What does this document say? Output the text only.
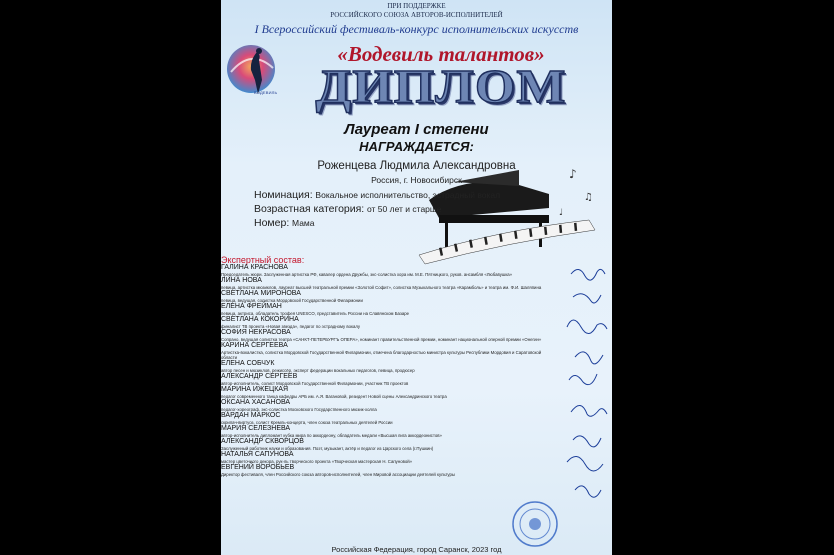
ПРИ ПОДДЕРЖКЕ
РОССИЙСКОГО СОЮЗА АВТОРОВ-ИСПОЛНИТЕЛЕЙ
I Всероссийский фестиваль-конкурс исполнительских искусств
ВОДЕВИЛЬ
«Водевиль талантов»
ДИПЛОМ
♪
♫
♩
Лауреат I степени
НАГРАЖДАЕТСЯ:
Роженцева Людмила Александровна
Россия, г. Новосибирск
Номинация: Вокальное исполнительство, эстрадный вокал
Возрастная категория: от 50 лет и старше
Номер: Мама
Экспертный состав:
ГАЛИНА КРАСНОВА
Председатель жюри. Заслуженная артистка РФ, кавалер ордена Дружбы, экс-солистка хора им. М.Е. Пятницкого, руков. ансамбля «Любавушка»
ЛИНА НОВА
певица, артистка мюзиклов, лауреат высшей театральной премии «Золотой Софит», солистка Музыкального театра «Карамболь» и театра им. Ф.И. Шаляпина
СВЕТЛАНА МИРОНОВА
певица, ведущая, солистка Мордовской Государственной Филармонии
ЕЛЕНА ФРЕЙМАН
певица, актриса, обладатель трофея UNESCO, представитель России на Славянском Базаре
СВЕТЛАНА КОКОРИНА
финалист ТВ проекта «Новая звезда», педагог по эстрадному вокалу
СОФИЯ НЕКРАСОВА
Сопрано, ведущая солистка театра «САНКТ-ПЕТЕРБУРГЪ ОПЕРА», номинант правительственной премии, номинант национальной оперной премии «Онегин»
КАРИНА СЕРГЕЕВА
Артистка-вокалистка, солистка Мордовской Государственной Филармонии, отмечена благодарностью министра культуры Республики Мордовия и Саратовской области
ЕЛЕНА СОБЧУК
автор песен и мюзиклов, режиссёр, эксперт федерации вокальных педагогов, певица, продюсер
АЛЕКСАНДР СЕРГЕЕВ
автор-исполнитель, солист Мордовской Государственной Филармонии, участник ТВ проектов
МАРИНА ИЖЕЦКАЯ
педагог современного танца кафедры АРБ им. А.Я. Вагановой, резидент Новой сцены Александринского театра
ОКСАНА ХАСАНОВА
педагог-хореограф, экс-солистка Московского Государственного мюзик-холла
ВАРДАН МАРКОС
скрипач-виртуоз, солист Кремль-концерта, член союза театральных деятелей России
МАРИЯ СЕЛЕЗНЕВА
автор-исполнитель дипломант кубка мира по аккордеону, обладатель медали «Высшая лига аккордеонистов»
АЛЕКСАНДР СКВОРЦОВ
Заслуженный работник науки и образования. Поэт, музыкант, актёр и педагог из Царского села (г.Пушкин)
НАТАЛЬЯ САПУНОВА
мастер цветочного декора, рук-ль творческого проекта «Творческая мастерская Н. Сапуновой»
ЕВГЕНИЙ ВОРОБЬЕВ
Директор фестиваля, член Российского союза авторов-исполнителей, член Мировой ассоциации деятелей культуры
Российская Федерация, город Саранск, 2023 год
